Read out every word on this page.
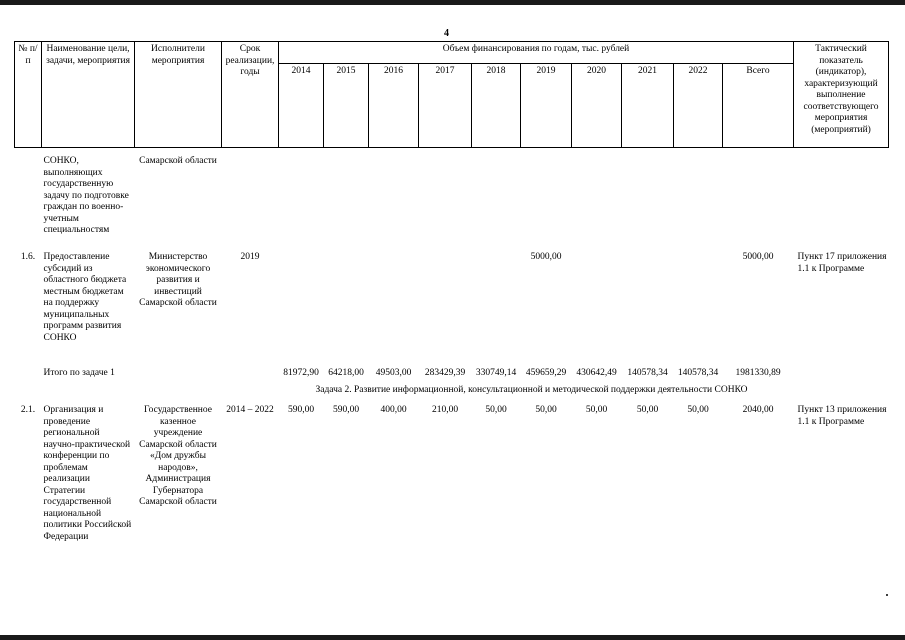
4
№ п/п	Наименование цели, задачи, мероприятия	Исполнители мероприятия	Срок реализации, годы	Объем финансирования по годам, тыс. рублей										Тактический показатель (индикатор), характеризующий выполнение соответствующего мероприятия (мероприятий)
				2014	2015	2016	2017	2018	2019	2020	2021	2022	Всего	
	СОНКО, выполняющих государственную задачу по подготовке граждан по военно-учетным специальностям	Самарской области												
1.6.	Предоставление субсидий из областного бюджета местным бюджетам на поддержку муниципальных программ развития СОНКО	Министерство экономического развития и инвестиций Самарской области	2019						5000,00				5000,00	Пункт 17 приложения 1.1 к Программе
	Итого по задаче 1			81972,90	64218,00	49503,00	283429,39	330749,14	459659,29	430642,49	140578,34	140578,34	1981330,89	
Задача 2. Развитие информационной, консультационной и методической поддержки деятельности СОНКО														
2.1.	Организация и проведение региональной научно-практической конференции по проблемам реализации Стратегии государственной национальной политики Российской Федерации	Государственное казенное учреждение Самарской области «Дом дружбы народов», Администрация Губернатора Самарской области	2014 – 2022	590,00	590,00	400,00	210,00	50,00	50,00	50,00	50,00	50,00	2040,00	Пункт 13 приложения 1.1 к Программе
